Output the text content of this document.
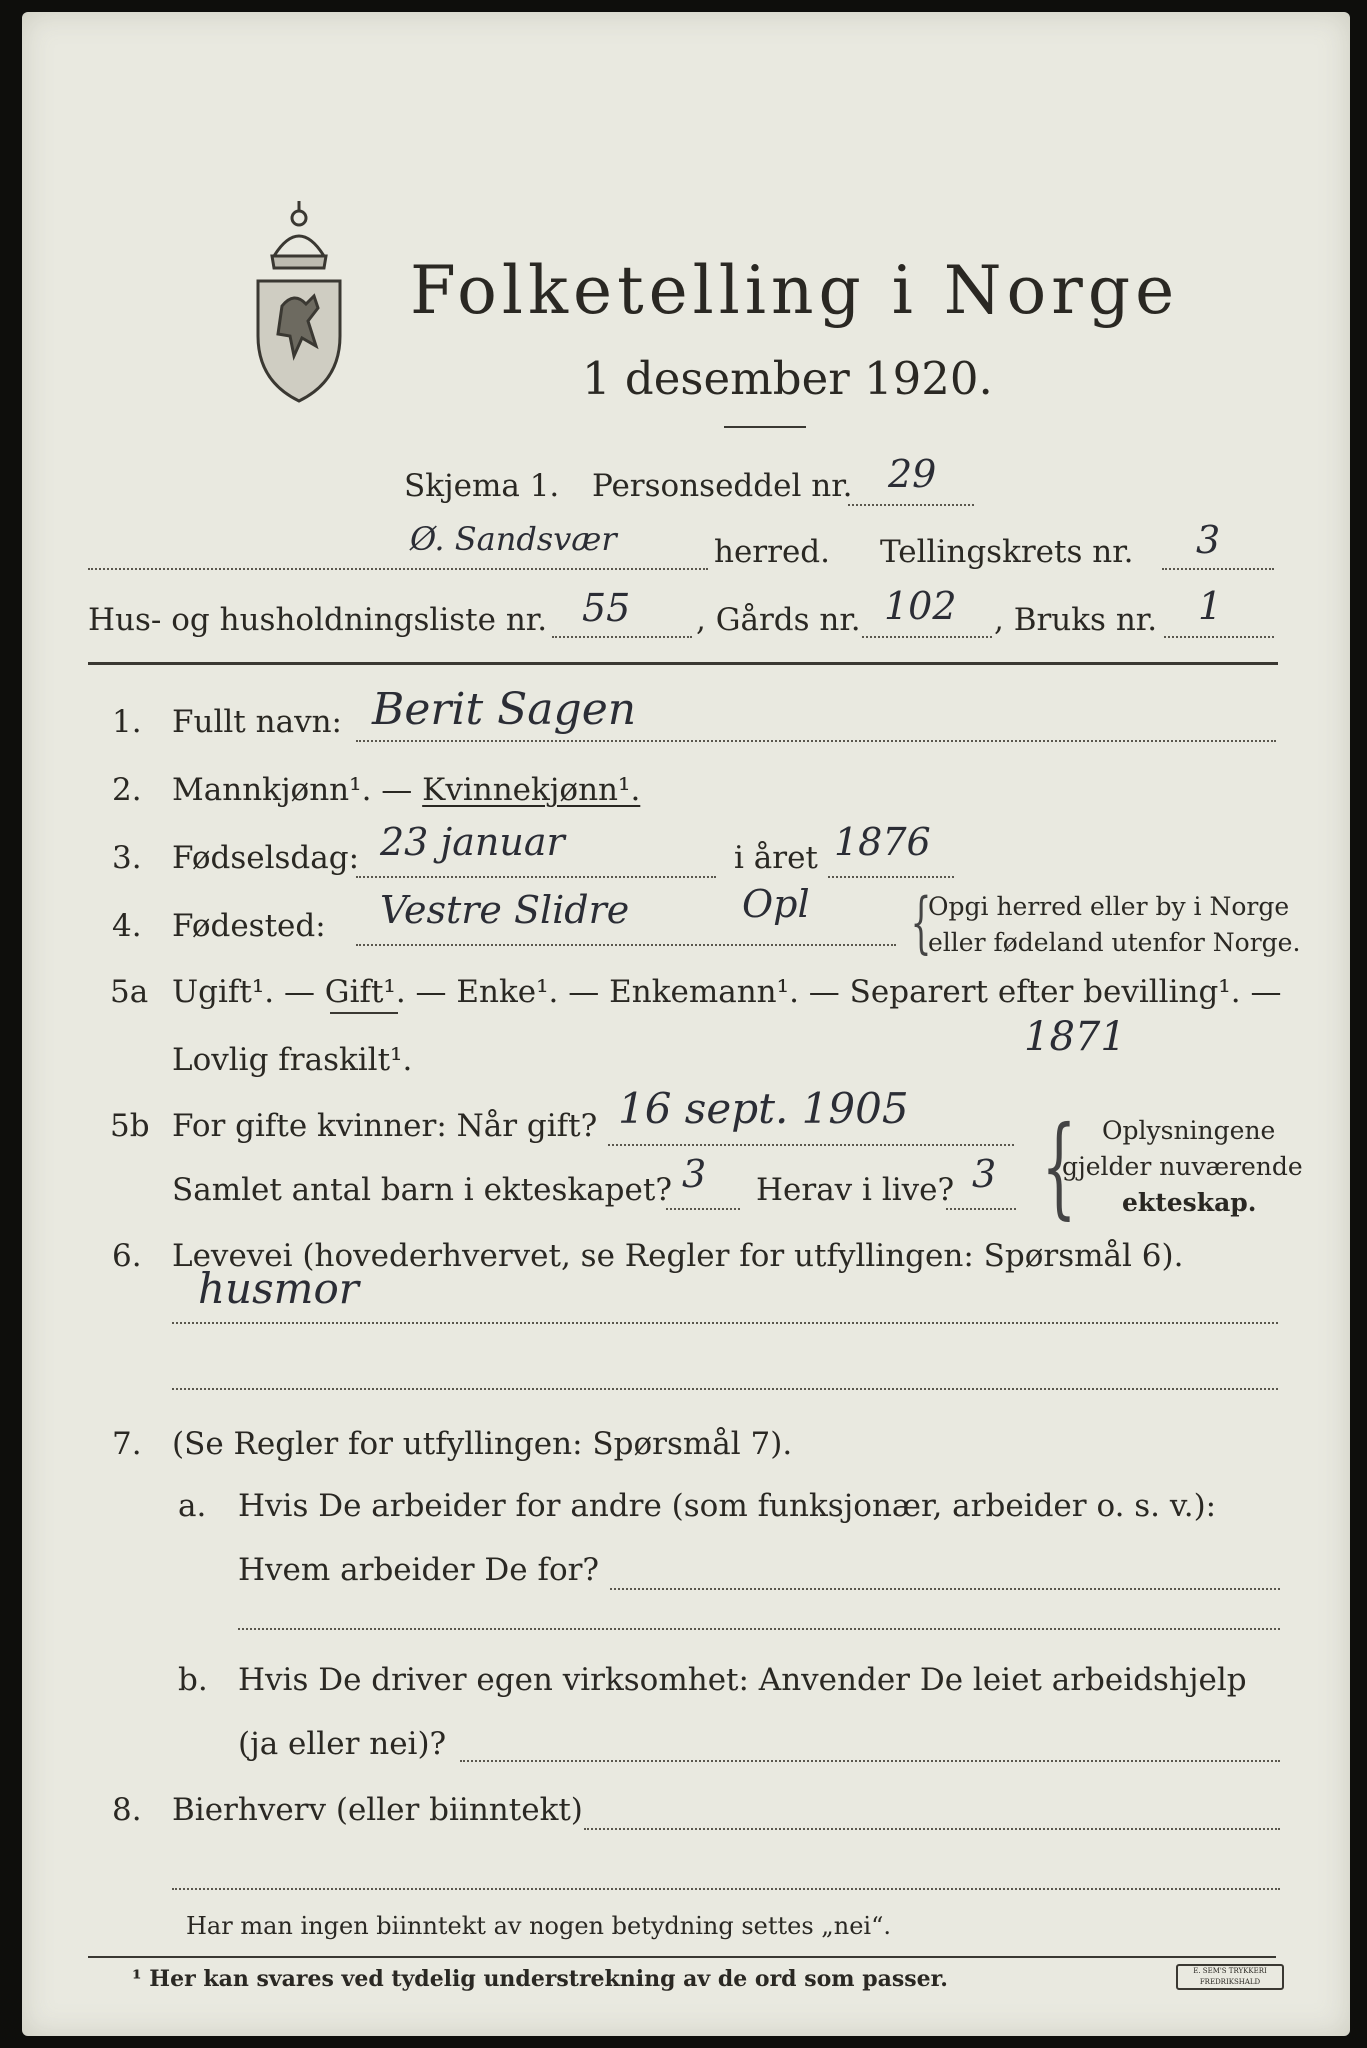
Folketelling i Norge
1 desember 1920.
Skjema 1. Personseddel nr. 29
Ø. Sandsvær	herred. Tellingskrets nr. 3
Hus- og husholdningsliste nr. 55 , Gårds nr. 102 , Bruks nr. 1
1. Fullt navn: Berit Sagen
2. Mannkjønn¹. — Kvinnekjønn¹.
3. Fødselsdag: 23 januar	i året 1876
4. Fødested: Vestre Slidre	Opl {
Opgi herred eller by i Norge
eller fødeland utenfor Norge.
5a Ugift¹. — Gift¹. — Enke¹. — Enkemann¹. — Separert efter bevilling¹. —
Lovlig fraskilt¹.	1871
5b For gifte kvinner: Når gift? 16 sept. 1905
Samlet antal barn i ekteskapet? 3 Herav i live? 3 { Oplysningene
gjelder nuværende
ekteskap.
6. Levevei (hovederhvervet, se Regler for utfyllingen: Spørsmål 6).
husmor
7. (Se Regler for utfyllingen: Spørsmål 7).
a. Hvis De arbeider for andre (som funksjonær, arbeider o. s. v.):
Hvem arbeider De for?
b. Hvis De driver egen virksomhet: Anvender De leiet arbeidshjelp
(ja eller nei)?
8. Bierhverv (eller biinntekt)
Har man ingen biinntekt av nogen betydning settes „nei“.
¹ Her kan svares ved tydelig understrekning av de ord som passer.	E. SEM'S TRYKKERI FREDRIKSHALD
